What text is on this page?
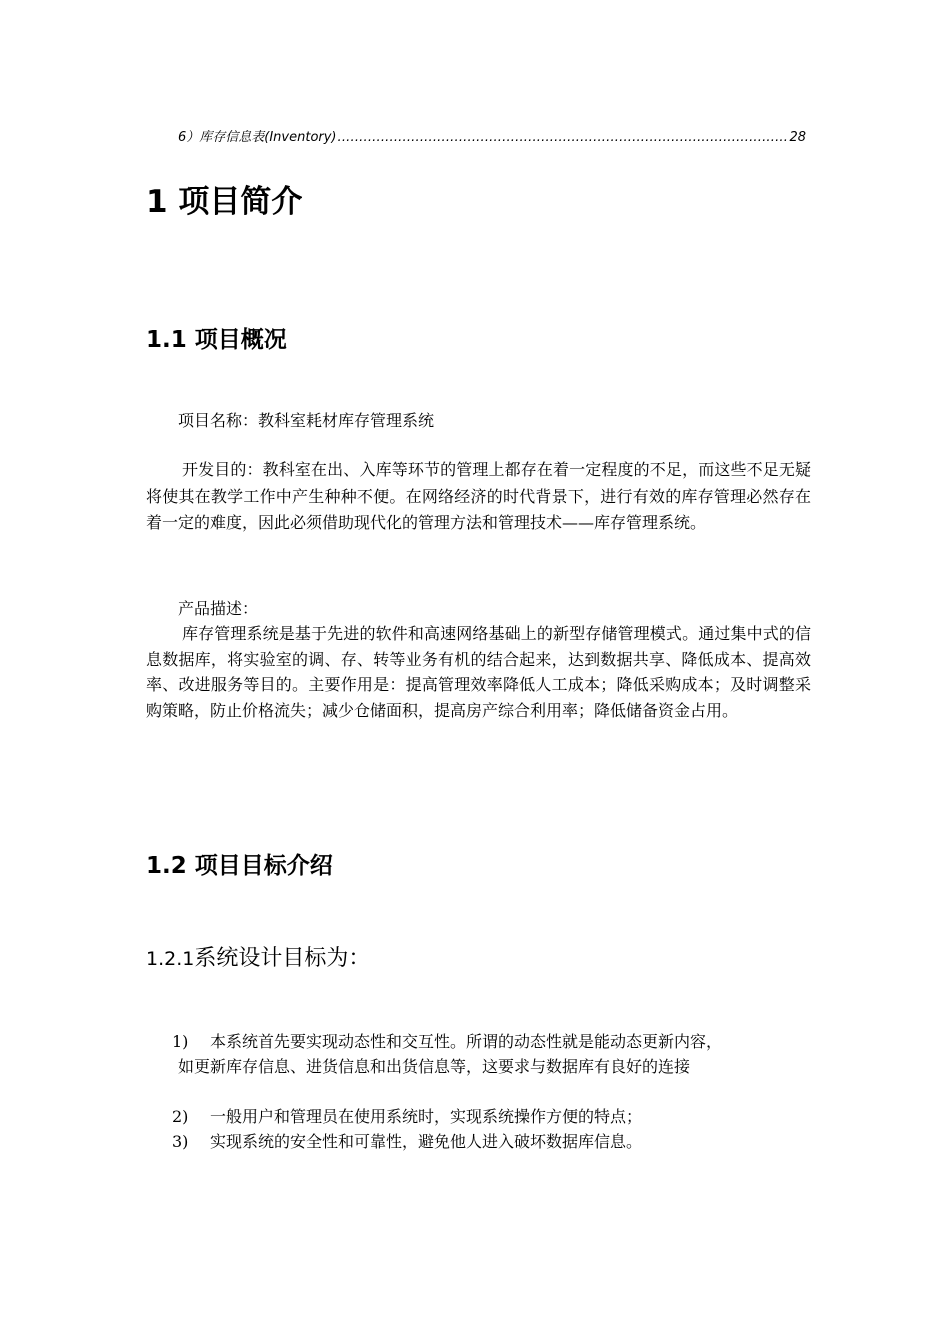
6）库存信息表(Inventory)
.....	28
1 项目简介
1.1 项目概况

项目名称：教科室耗材库存管理系统

开发目的：教科室在出、入库等环节的管理上都存在着一定程度的不足，而这些不足无疑将使其在教学工作中产生种种不便。在网络经济的时代背景下，进行有效的库存管理必然存在着一定的难度，因此必须借助现代化的管理方法和管理技术——库存管理系统。

产品描述：

库存管理系统是基于先进的软件和高速网络基础上的新型存储管理模式。通过集中式的信息数据库，将实验室的调、存、转等业务有机的结合起来，达到数据共享、降低成本、提高效率、改进服务等目的。主要作用是：提高管理效率降低人工成本；降低采购成本；及时调整采购策略，防止价格流失；减少仓储面积，提高房产综合利用率；降低储备资金占用。

1.2 项目目标介绍
1.2.1系统设计目标为：
1)	本系统首先要实现动态性和交互性。所谓的动态性就是能动态更新内容，
如更新库存信息、进货信息和出货信息等，这要求与数据库有良好的连接
2)	一般用户和管理员在使用系统时，实现系统操作方便的特点；
3)	实现系统的安全性和可靠性，避免他人进入破坏数据库信息。
